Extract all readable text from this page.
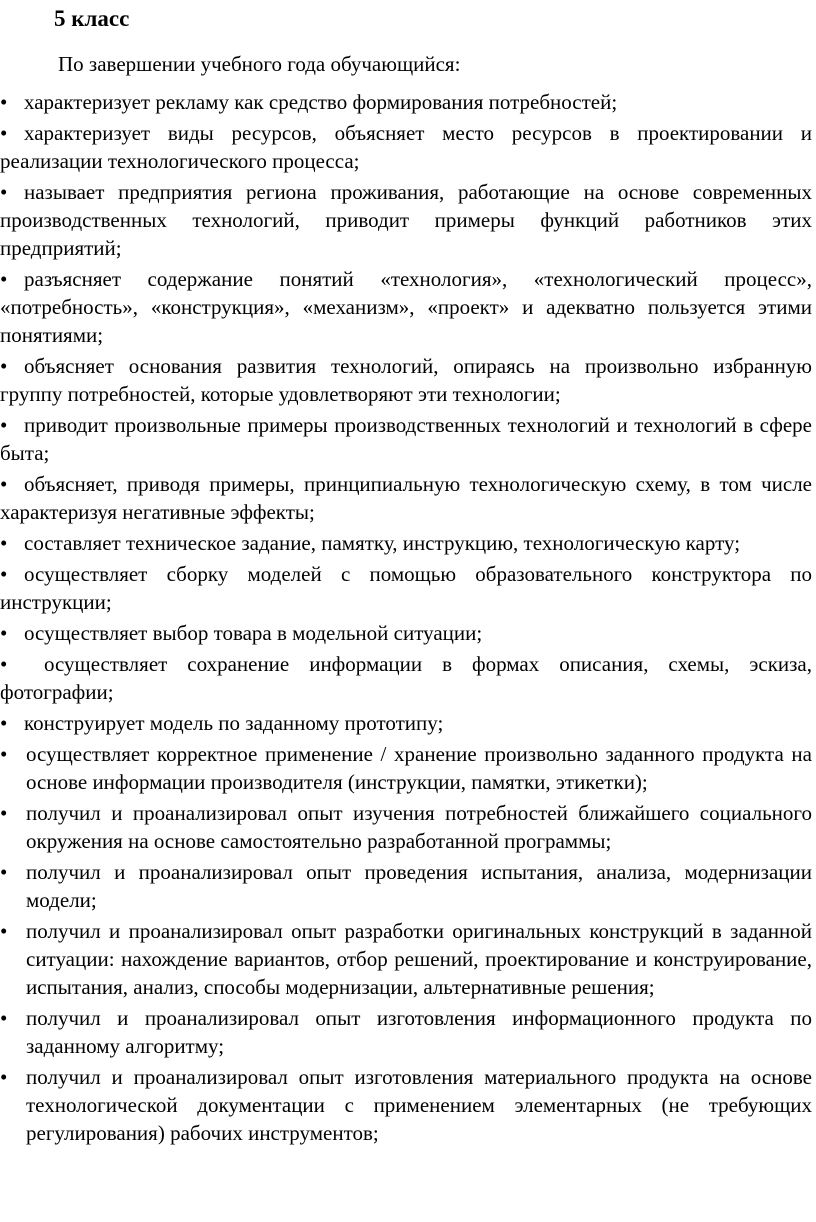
5 класс
По завершении учебного года обучающийся:
• характеризует рекламу как средство формирования потребностей;
• характеризует виды ресурсов, объясняет место ресурсов в проектировании и реализации технологического процесса;
• называет предприятия региона проживания, работающие на основе современных производственных технологий, приводит примеры функций работников этих предприятий;
• разъясняет содержание понятий «технология», «технологический процесс», «потребность», «конструкция», «механизм», «проект» и адекватно пользуется этими понятиями;
• объясняет основания развития технологий, опираясь на произвольно избранную группу потребностей, которые удовлетворяют эти технологии;
• приводит произвольные примеры производственных технологий и технологий в сфере быта;
• объясняет, приводя примеры, принципиальную технологическую схему, в том числе характеризуя негативные эффекты;
• составляет техническое задание, памятку, инструкцию, технологическую карту;
• осуществляет сборку моделей с помощью образовательного конструктора по инструкции;
• осуществляет выбор товара в модельной ситуации;
• осуществляет сохранение информации в формах описания, схемы, эскиза, фотографии;
• конструирует модель по заданному прототипу;
• осуществляет корректное применение / хранение произвольно заданного продукта на основе информации производителя (инструкции, памятки, этикетки);
• получил и проанализировал опыт изучения потребностей ближайшего социального окружения на основе самостоятельно разработанной программы;
• получил и проанализировал опыт проведения испытания, анализа, модернизации модели;
• получил и проанализировал опыт разработки оригинальных конструкций в заданной ситуации: нахождение вариантов, отбор решений, проектирование и конструирование, испытания, анализ, способы модернизации, альтернативные решения;
• получил и проанализировал опыт изготовления информационного продукта по заданному алгоритму;
• получил и проанализировал опыт изготовления материального продукта на основе технологической документации с применением элементарных (не требующих регулирования) рабочих инструментов;
